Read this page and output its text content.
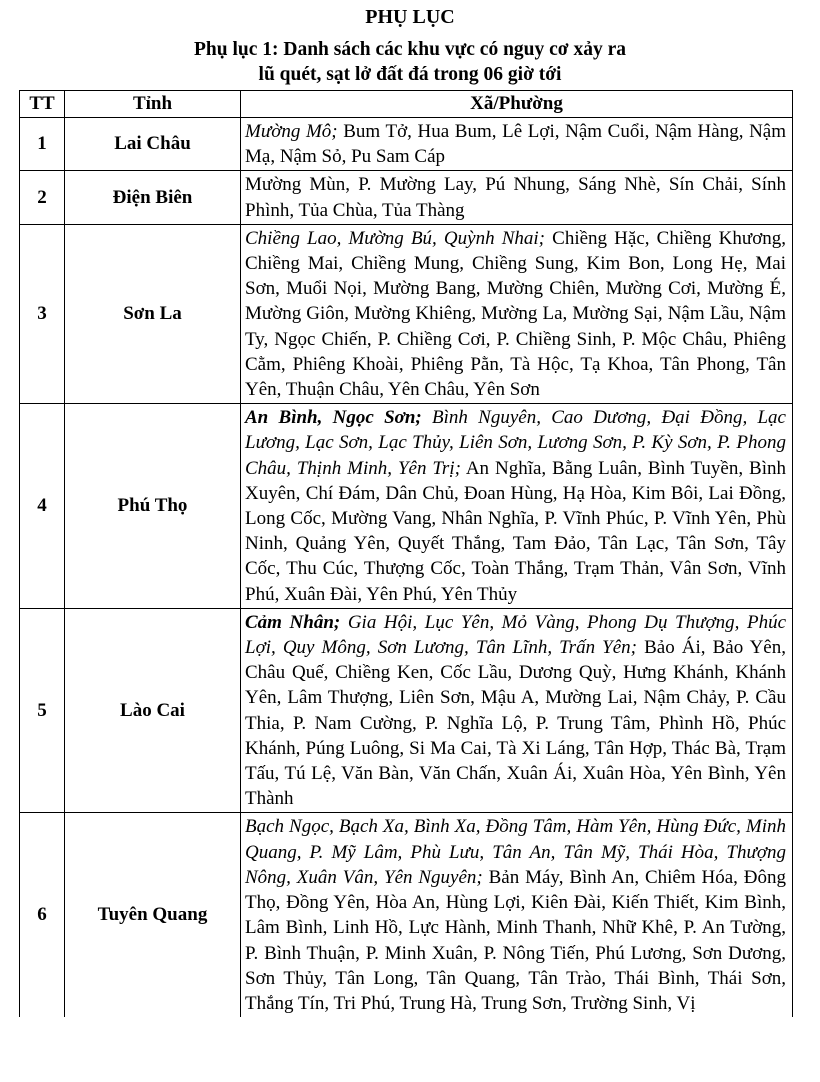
PHỤ LỤC
Phụ lục 1: Danh sách các khu vực có nguy cơ xảy ra
lũ quét, sạt lở đất đá trong 06 giờ tới
TT	Tỉnh	Xã/Phường
1	Lai Châu	Mường Mô; Bum Tở, Hua Bum, Lê Lợi, Nậm Cuổi, Nậm Hàng, Nậm Mạ, Nậm Sỏ, Pu Sam Cáp
2	Điện Biên	Mường Mùn, P. Mường Lay, Pú Nhung, Sáng Nhè, Sín Chải, Sính Phình, Tủa Chùa, Tủa Thàng
3	Sơn La	Chiềng Lao, Mường Bú, Quỳnh Nhai; Chiềng Hặc, Chiềng Khương, Chiềng Mai, Chiềng Mung, Chiềng Sung, Kim Bon, Long Hẹ, Mai Sơn, Muổi Nọi, Mường Bang, Mường Chiên, Mường Cơi, Mường É, Mường Giôn, Mường Khiêng, Mường La, Mường Sại, Nậm Lầu, Nậm Ty, Ngọc Chiến, P. Chiềng Cơi, P. Chiềng Sinh, P. Mộc Châu, Phiêng Cằm, Phiêng Khoài, Phiêng Pằn, Tà Hộc, Tạ Khoa, Tân Phong, Tân Yên, Thuận Châu, Yên Châu, Yên Sơn
4	Phú Thọ	An Bình, Ngọc Sơn; Bình Nguyên, Cao Dương, Đại Đồng, Lạc Lương, Lạc Sơn, Lạc Thủy, Liên Sơn, Lương Sơn, P. Kỳ Sơn, P. Phong Châu, Thịnh Minh, Yên Trị; An Nghĩa, Bằng Luân, Bình Tuyền, Bình Xuyên, Chí Đám, Dân Chủ, Đoan Hùng, Hạ Hòa, Kim Bôi, Lai Đồng, Long Cốc, Mường Vang, Nhân Nghĩa, P. Vĩnh Phúc, P. Vĩnh Yên, Phù Ninh, Quảng Yên, Quyết Thắng, Tam Đảo, Tân Lạc, Tân Sơn, Tây Cốc, Thu Cúc, Thượng Cốc, Toàn Thắng, Trạm Thản, Vân Sơn, Vĩnh Phú, Xuân Đài, Yên Phú, Yên Thủy
5	Lào Cai	Cảm Nhân; Gia Hội, Lục Yên, Mỏ Vàng, Phong Dụ Thượng, Phúc Lợi, Quy Mông, Sơn Lương, Tân Lĩnh, Trấn Yên; Bảo Ái, Bảo Yên, Châu Quế, Chiềng Ken, Cốc Lầu, Dương Quỳ, Hưng Khánh, Khánh Yên, Lâm Thượng, Liên Sơn, Mậu A, Mường Lai, Nậm Chảy, P. Cầu Thia, P. Nam Cường, P. Nghĩa Lộ, P. Trung Tâm, Phình Hồ, Phúc Khánh, Púng Luông, Si Ma Cai, Tà Xi Láng, Tân Hợp, Thác Bà, Trạm Tấu, Tú Lệ, Văn Bàn, Văn Chấn, Xuân Ái, Xuân Hòa, Yên Bình, Yên Thành
6	Tuyên Quang	Bạch Ngọc, Bạch Xa, Bình Xa, Đồng Tâm, Hàm Yên, Hùng Đức, Minh Quang, P. Mỹ Lâm, Phù Lưu, Tân An, Tân Mỹ, Thái Hòa, Thượng Nông, Xuân Vân, Yên Nguyên; Bản Máy, Bình An, Chiêm Hóa, Đông Thọ, Đồng Yên, Hòa An, Hùng Lợi, Kiên Đài, Kiến Thiết, Kim Bình, Lâm Bình, Linh Hồ, Lực Hành, Minh Thanh, Nhữ Khê, P. An Tường, P. Bình Thuận, P. Minh Xuân, P. Nông Tiến, Phú Lương, Sơn Dương, Sơn Thủy, Tân Long, Tân Quang, Tân Trào, Thái Bình, Thái Sơn, Thắng Tín, Tri Phú, Trung Hà, Trung Sơn, Trường Sinh, Vị
